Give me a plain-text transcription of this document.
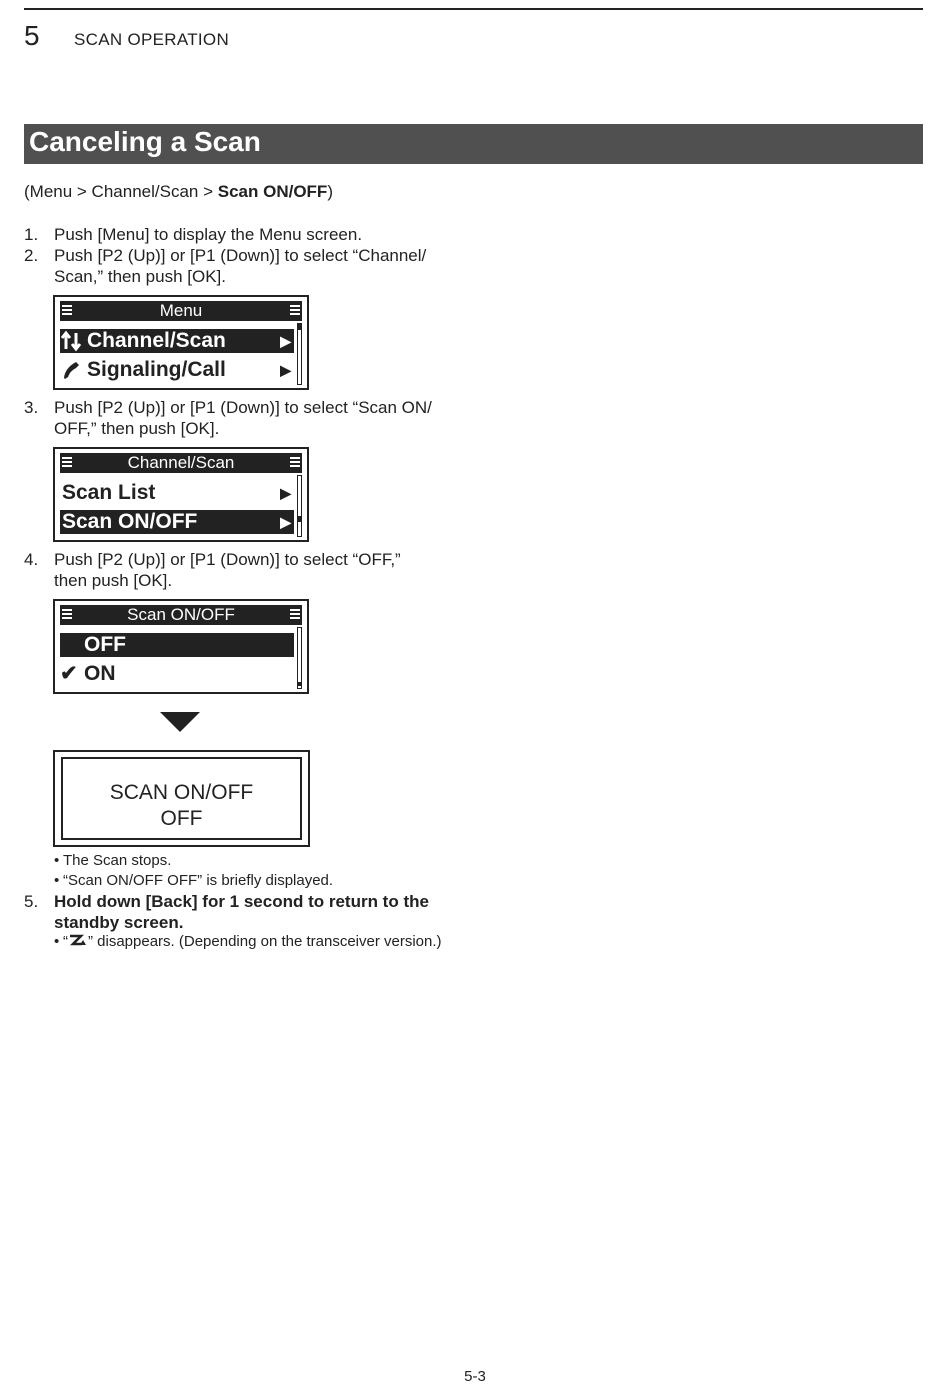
5 SCAN OPERATION
Canceling a Scan
(Menu > Channel/Scan > Scan ON/OFF)
1. Push [Menu] to display the Menu screen.
2. Push [P2 (Up)] or [P1 (Down)] to select “Channel/ Scan,” then push [OK].
Menu
Channel/Scan	▶
Signaling/Call	▶
3. Push [P2 (Up)] or [P1 (Down)] to select “Scan ON/ OFF,” then push [OK].
Channel/Scan
Scan List	▶
Scan ON/OFF	▶
4. Push [P2 (Up)] or [P1 (Down)] to select “OFF,” then push [OK].
Scan ON/OFF
OFF
✔ ON
SCAN ON/OFF
OFF
• The Scan stops.
• “Scan ON/OFF OFF” is briefly displayed.
5. Hold down [Back] for 1 second to return to the standby screen.
• “ ” disappears. (Depending on the transceiver version.)
5-3
